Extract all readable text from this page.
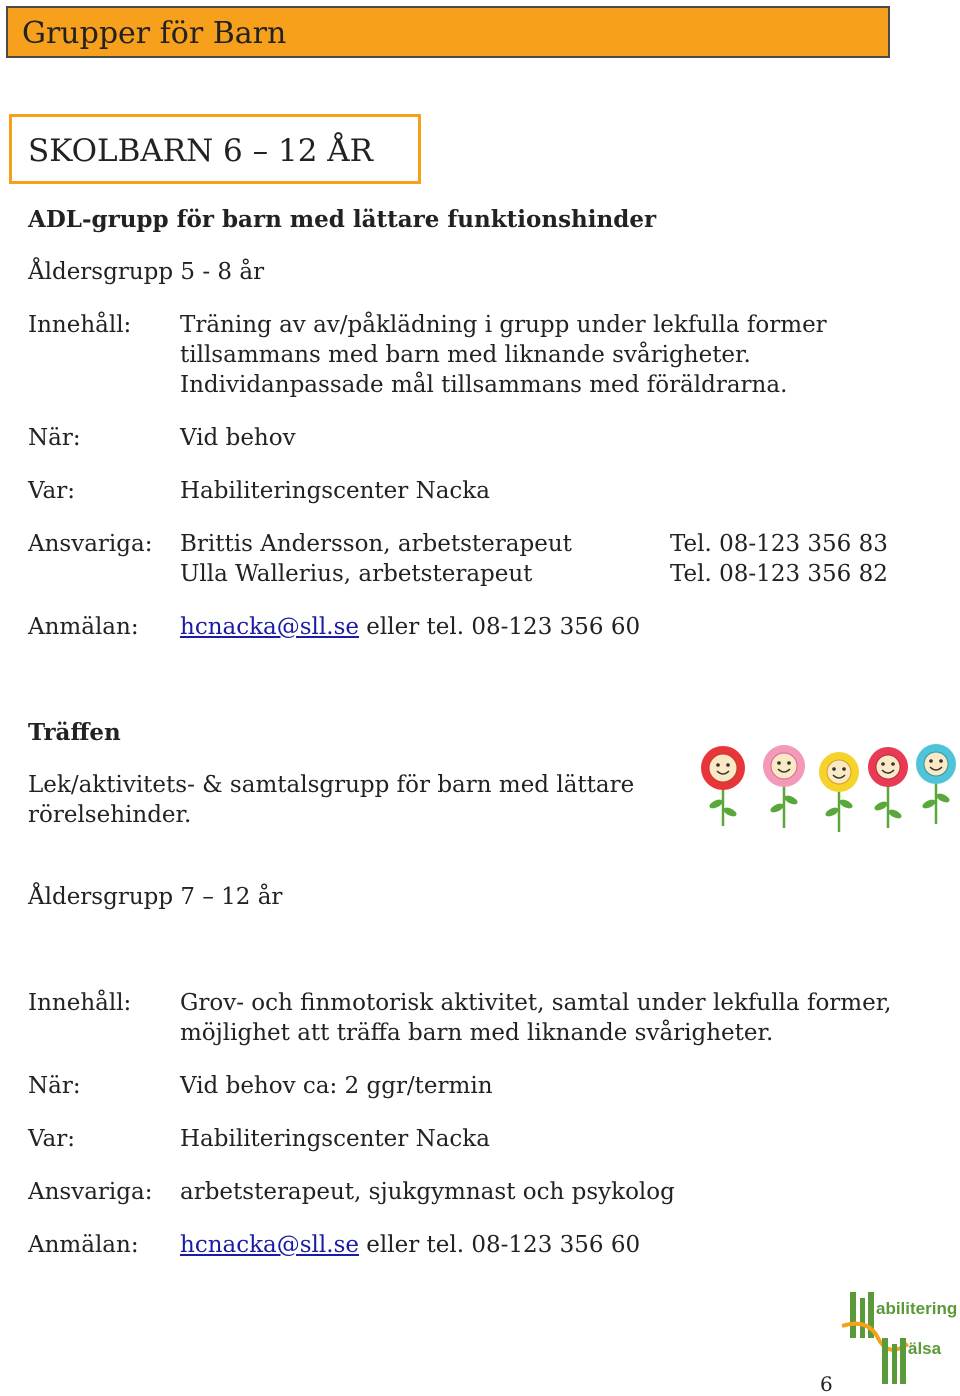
Grupper för Barn
SKOLBARN 6 – 12 ÅR
ADL-grupp för barn med lättare funktionshinder
Åldersgrupp 5 - 8 år
Innehåll: Träning av av/påklädning i grupp under lekfulla former
tillsammans med barn med liknande svårigheter.
Individanpassade mål tillsammans med föräldrarna.
När:	Vid behov
Var:	Habiliteringscenter Nacka
Ansvariga: Brittis Andersson, arbetsterapeut	Tel. 08-123 356 83
Ulla Wallerius, arbetsterapeut	Tel. 08-123 356 82
Anmälan: hcnacka@sll.se eller tel. 08-123 356 60
Träffen
Lek/aktivitets- & samtalsgrupp för barn med lättare
rörelsehinder.
Åldersgrupp 7 – 12 år
Innehåll: Grov- och finmotorisk aktivitet, samtal under lekfulla former,
möjlighet att träffa barn med liknande svårigheter.
När:	Vid behov ca: 2 ggr/termin
Var:	Habiliteringscenter Nacka
Ansvariga: arbetsterapeut, sjukgymnast och psykolog
Anmälan: hcnacka@sll.se eller tel. 08-123 356 60
abilitering
älsa
6
